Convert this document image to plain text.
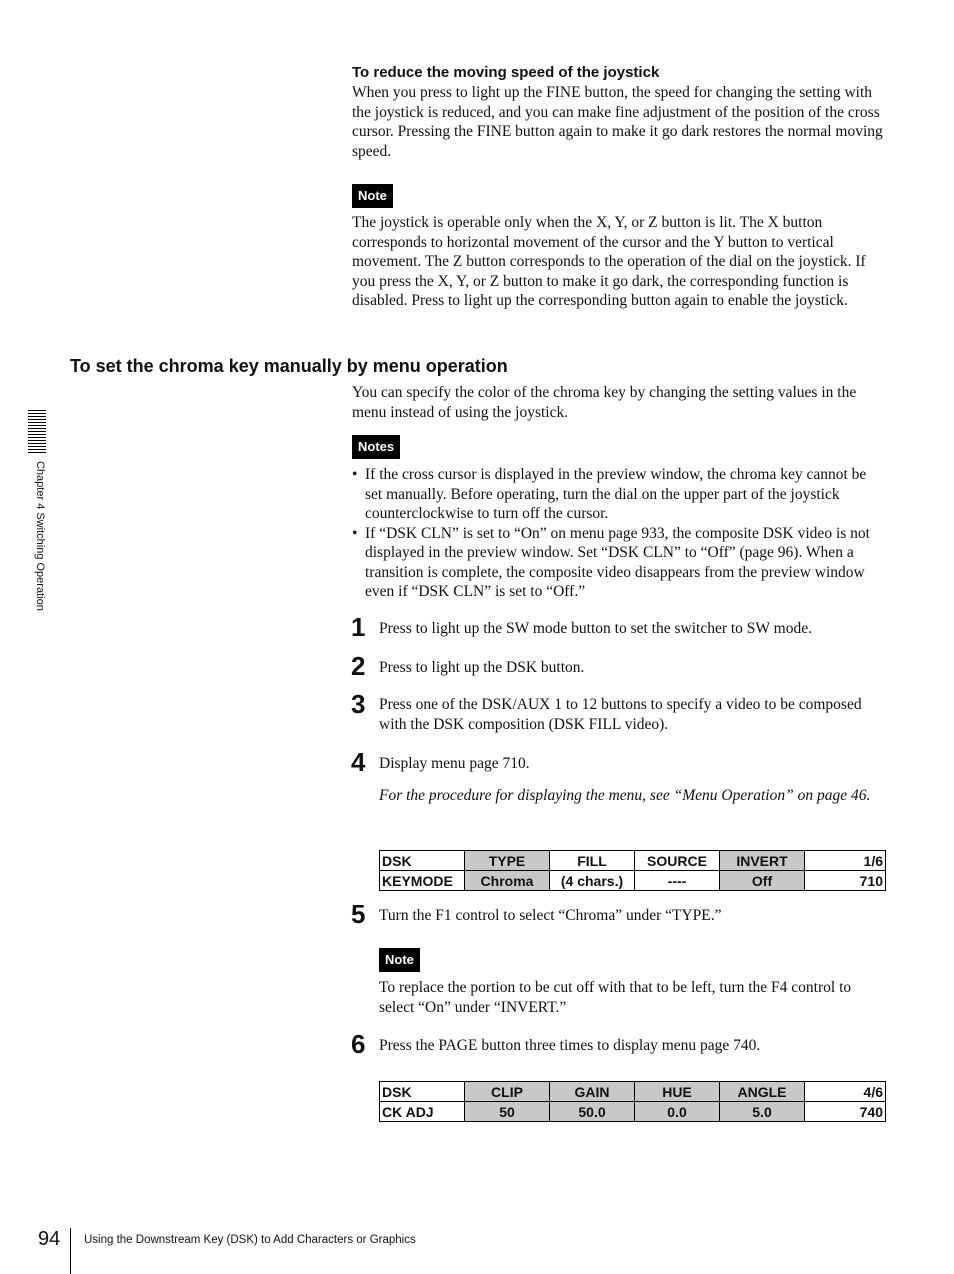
To reduce the moving speed of the joystick
When you press to light up the FINE button, the speed for changing the setting with the joystick is reduced, and you can make fine adjustment of the position of the cross cursor. Pressing the FINE button again to make it go dark restores the normal moving speed.
Note
The joystick is operable only when the X, Y, or Z button is lit. The X button corresponds to horizontal movement of the cursor and the Y button to vertical movement. The Z button corresponds to the operation of the dial on the joystick. If you press the X, Y, or Z button to make it go dark, the corresponding function is disabled. Press to light up the corresponding button again to enable the joystick.
To set the chroma key manually by menu operation
You can specify the color of the chroma key by changing the setting values in the menu instead of using the joystick.
Notes
• If the cross cursor is displayed in the preview window, the chroma key cannot be set manually. Before operating, turn the dial on the upper part of the joystick counterclockwise to turn off the cursor.
• If “DSK CLN” is set to “On” on menu page 933, the composite DSK video is not displayed in the preview window. Set “DSK CLN” to “Off” (page 96). When a transition is complete, the composite video disappears from the preview window even if “DSK CLN” is set to “Off.”
1 Press to light up the SW mode button to set the switcher to SW mode.
2 Press to light up the DSK button.
3 Press one of the DSK/AUX 1 to 12 buttons to specify a video to be composed with the DSK composition (DSK FILL video).
4 Display menu page 710.
For the procedure for displaying the menu, see “Menu Operation” on page 46.
DSK	TYPE	FILL	SOURCE	INVERT	1/6
KEYMODE	Chroma	(4 chars.)	----	Off	710
5 Turn the F1 control to select “Chroma” under “TYPE.”
Note
To replace the portion to be cut off with that to be left, turn the F4 control to select “On” under “INVERT.”
6 Press the PAGE button three times to display menu page 740.
DSK	CLIP	GAIN	HUE	ANGLE	4/6
CK ADJ	50	50.0	0.0	5.0	740
Chapter 4 Switching Operation
94 Using the Downstream Key (DSK) to Add Characters or Graphics
